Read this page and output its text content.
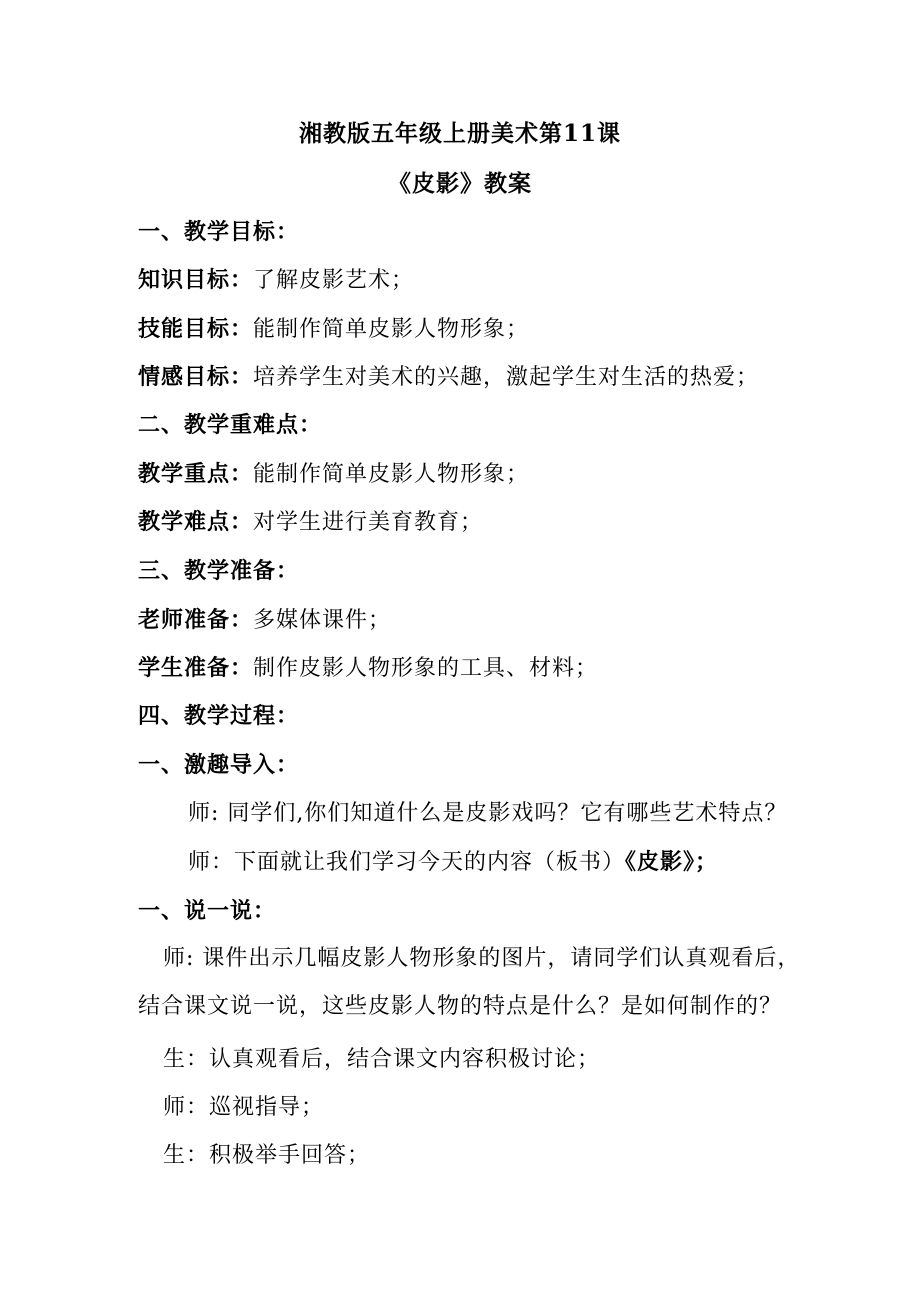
湘教版五年级上册美术第11课
《皮影》教案
一、教学目标：
知识目标：了解皮影艺术；
技能目标：能制作简单皮影人物形象；
情感目标：培养学生对美术的兴趣，激起学生对生活的热爱；
二、教学重难点：
教学重点：能制作简单皮影人物形象；
教学难点：对学生进行美育教育；
三、教学准备：
老师准备：多媒体课件；
学生准备：制作皮影人物形象的工具、材料；
四、教学过程：
一、激趣导入：
师: 同学们,你们知道什么是皮影戏吗？它有哪些艺术特点？
师：下面就让我们学习今天的内容（板书）《皮影》；
一、说一说：
师: 课件出示几幅皮影人物形象的图片，请同学们认真观看后，
结合课文说一说，这些皮影人物的特点是什么？是如何制作的？
生：认真观看后，结合课文内容积极讨论；
师：巡视指导；
生：积极举手回答；
